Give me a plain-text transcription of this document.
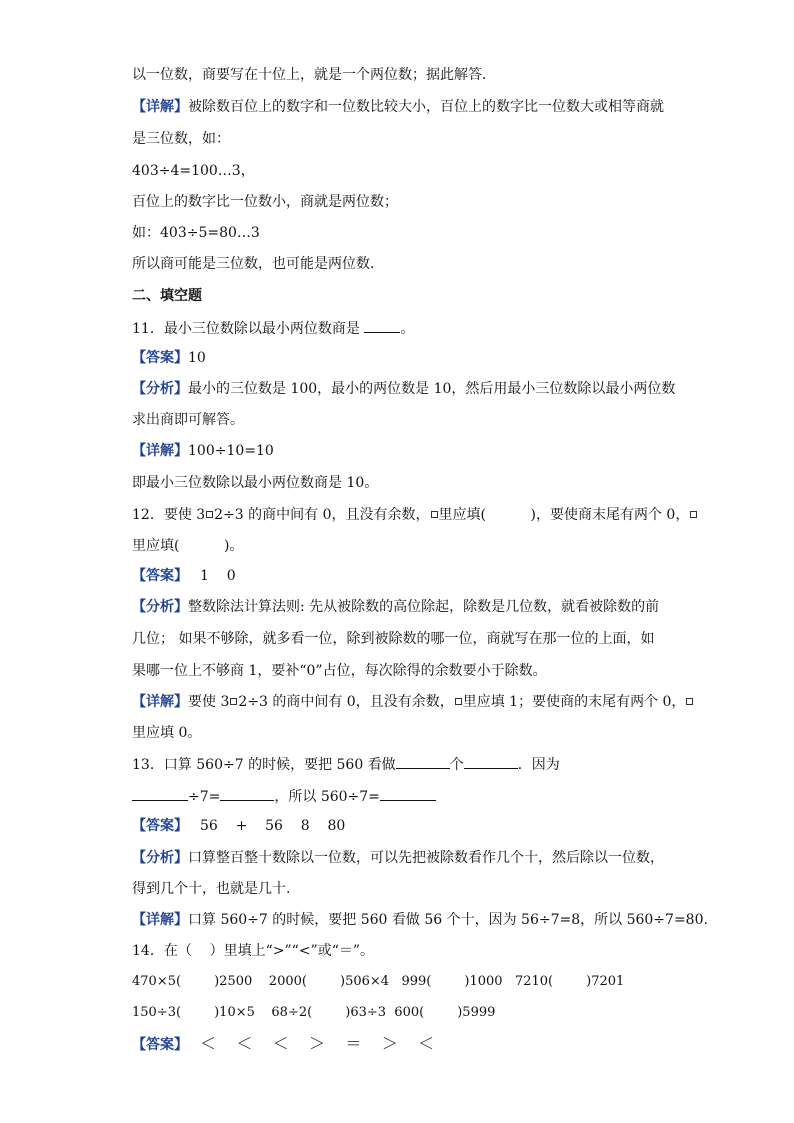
以一位数，商要写在十位上，就是一个两位数；据此解答．
【详解】被除数百位上的数字和一位数比较大小，百位上的数字比一位数大或相等商就
是三位数，如：
403÷4=100…3，
百位上的数字比一位数小，商就是两位数；
如：403÷5=80…3
所以商可能是三位数，也可能是两位数．
二、填空题
11．最小三位数除以最小两位数商是	。
【答案】10
【分析】最小的三位数是 100，最小的两位数是 10，然后用最小三位数除以最小两位数
求出商即可解答。
【详解】100÷10=10
即最小三位数除以最小两位数商是 10。
12．要使 3 2÷3 的商中间有 0，且没有余数， 里应填(          )，要使商末尾有两个 0，
里应填(          )。
【答案】 1    0
【分析】整数除法计算法则: 先从被除数的高位除起，除数是几位数，就看被除数的前
几位； 如果不够除，就多看一位，除到被除数的哪一位，商就写在那一位的上面，如
果哪一位上不够商 1，要补“0”占位，每次除得的余数要小于除数。
【详解】要使 3 2÷3 的商中间有 0，且没有余数， 里应填 1；要使商的末尾有两个 0，
里应填 0。
13．口算 560÷7 的时候，要把 560 看做	个	．因为
÷7=	，所以 560÷7=
【答案】 56    +    56    8    80
【分析】口算整百整十数除以一位数，可以先把被除数看作几个十，然后除以一位数，
得到几个十，也就是几十.
【详解】口算 560÷7 的时候，要把 560 看做 56 个十，因为 56÷7=8，所以 560÷7=80.
14．在（    ）里填上“>”“<”或“＝”。
470×5(        )2500    2000(        )506×4   999(        )1000   7210(        )7201
150÷3(        )10×5    68÷2(        )63÷3  600(        )5999
【答案】 ＜    ＜    ＜    ＞    ＝    ＞    ＜
